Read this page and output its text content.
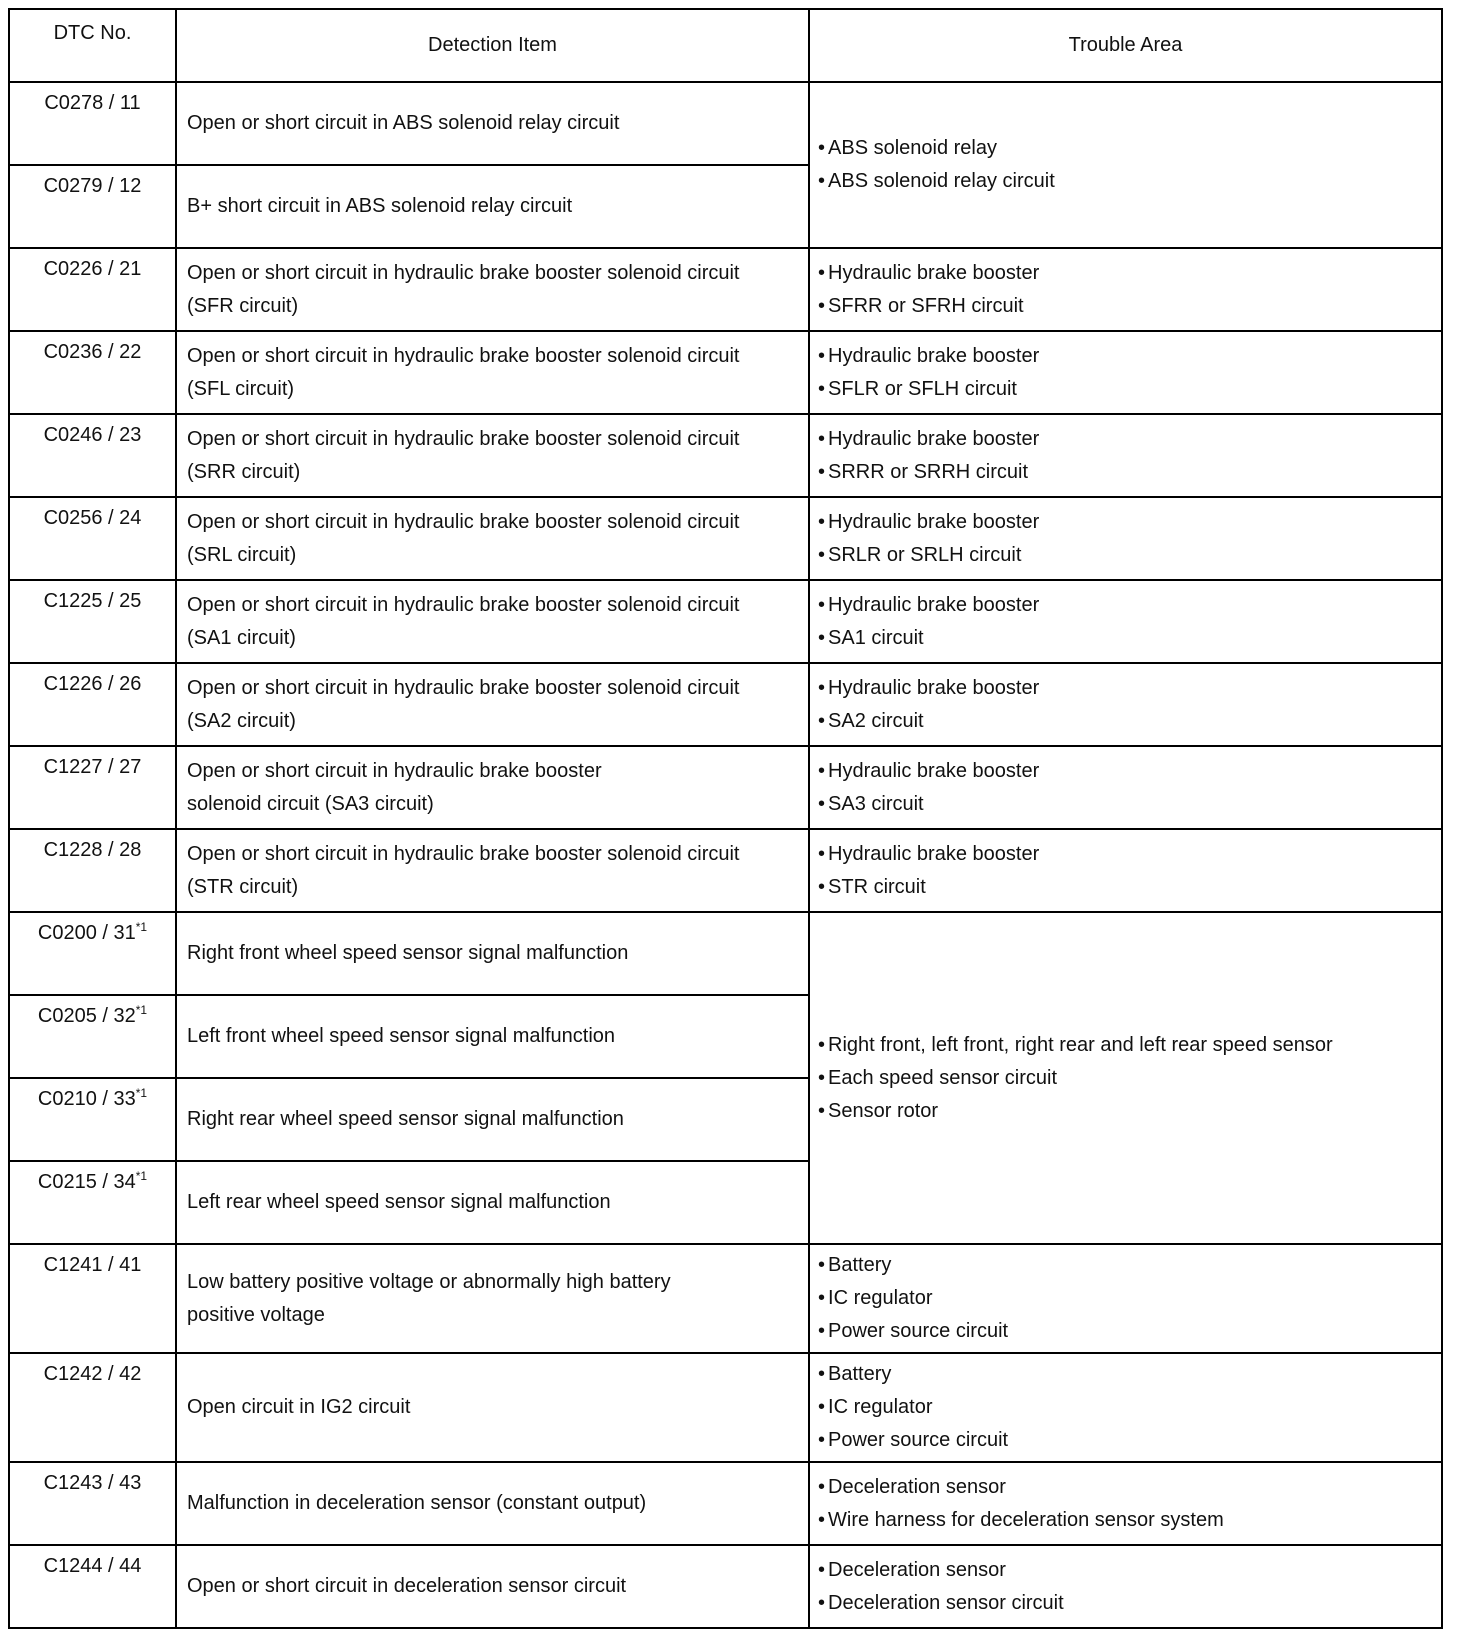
DTC No.	Detection Item	Trouble Area
C0278 / 11	Open or short circuit in ABS solenoid relay circuit	• ABS solenoid relay
• ABS solenoid relay circuit

C0279 / 12	B+ short circuit in ABS solenoid relay circuit	

C0226 / 21	Open or short circuit in hydraulic brake booster solenoid circuit
(SFR circuit)	• Hydraulic brake booster
• SFRR or SFRH circuit

C0236 / 22	Open or short circuit in hydraulic brake booster solenoid circuit
(SFL circuit)	• Hydraulic brake booster
• SFLR or SFLH circuit

C0246 / 23	Open or short circuit in hydraulic brake booster solenoid circuit
(SRR circuit)	• Hydraulic brake booster
• SRRR or SRRH circuit

C0256 / 24	Open or short circuit in hydraulic brake booster solenoid circuit
(SRL circuit)	• Hydraulic brake booster
• SRLR or SRLH circuit

C1225 / 25	Open or short circuit in hydraulic brake booster solenoid circuit
(SA1 circuit)	• Hydraulic brake booster
• SA1 circuit

C1226 / 26	Open or short circuit in hydraulic brake booster solenoid circuit
(SA2 circuit)	• Hydraulic brake booster
• SA2 circuit

C1227 / 27	Open or short circuit in hydraulic brake booster
solenoid circuit (SA3 circuit)	• Hydraulic brake booster
• SA3 circuit

C1228 / 28	Open or short circuit in hydraulic brake booster solenoid circuit
(STR circuit)	• Hydraulic brake booster
• STR circuit

C0200 / 31$^{*1}$	Right front wheel speed sensor signal malfunction	• Right front, left front, right rear and left rear speed sensor
• Each speed sensor circuit
• Sensor rotor

C0205 / 32$^{*1}$	Left front wheel speed sensor signal malfunction	

C0210 / 33$^{*1}$	Right rear wheel speed sensor signal malfunction	

C0215 / 34$^{*1}$	Left rear wheel speed sensor signal malfunction	

C1241 / 41	Low battery positive voltage or abnormally high battery
positive voltage	• Battery
• IC regulator
• Power source circuit

C1242 / 42	Open circuit in IG2 circuit	• Battery
• IC regulator
• Power source circuit

C1243 / 43	Malfunction in deceleration sensor (constant output)	• Deceleration sensor
• Wire harness for deceleration sensor system

C1244 / 44	Open or short circuit in deceleration sensor circuit	• Deceleration sensor
• Deceleration sensor circuit
